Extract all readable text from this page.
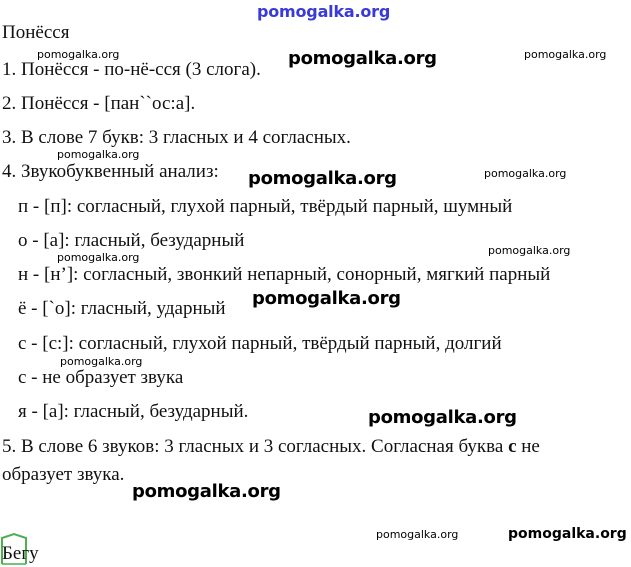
pomogalka.org
Понёсся
1. Понёсся - по-нё-сся (3 слога).
2. Понёсся - [пан``ос:а].
3. В слове 7 букв: 3 гласных и 4 согласных.
4. Звукобуквенный анализ:
п - [п]: согласный, глухой парный, твёрдый парный, шумный
о - [а]: гласный, безударный
н - [н’]: согласный, звонкий непарный, сонорный, мягкий парный
ё - [`о]: гласный, ударный
с - [с:]: согласный, глухой парный, твёрдый парный, долгий
с - не образует звука
я - [а]: гласный, безударный.
5. В слове 6 звуков: 3 гласных и 3 согласных. Согласная буква с не
образует звука.
Бегу
pomogalka.org	pomogalka.org	pomogalka.org
pomogalka.org
pomogalka.org	pomogalka.org
pomogalka.org
pomogalka.org
pomogalka.org
pomogalka.org
pomogalka.org
pomogalka.org
pomogalka.org	pomogalka.org
